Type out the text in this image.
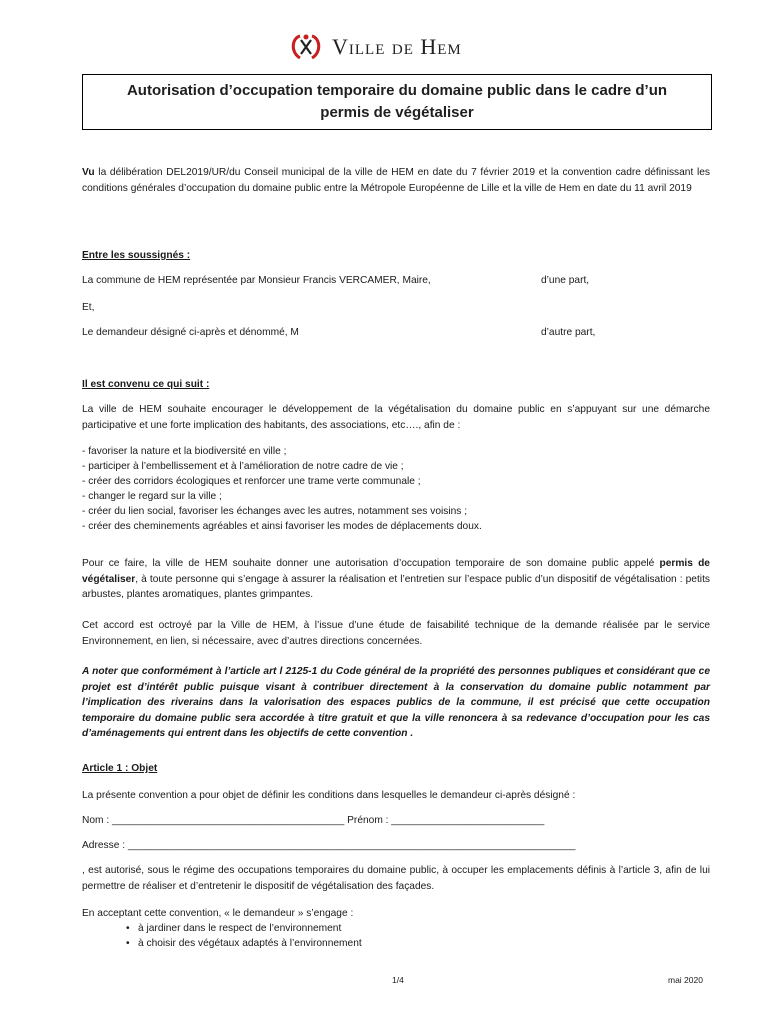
Ville de Hem
Autorisation d’occupation temporaire du domaine public dans le cadre d’un permis de végétaliser
Vu la délibération DEL2019/UR/du Conseil municipal de la ville de HEM en date du 7 février 2019 et la convention cadre définissant les conditions générales d’occupation du domaine public entre la Métropole Européenne de Lille et la ville de Hem en date du 11 avril 2019
Entre les soussignés :
La commune de HEM représentée par Monsieur Francis VERCAMER, Maire,	d’une part,
Et,
Le demandeur désigné ci-après et dénommé, M	d’autre part,
Il est convenu ce qui suit :
La ville de HEM souhaite encourager le développement de la végétalisation du domaine public en s’appuyant sur une démarche participative et une forte implication des habitants, des associations, etc…., afin de :
- favoriser la nature et la biodiversité en ville ;
- participer à l’embellissement et à l’amélioration de notre cadre de vie ;
- créer des corridors écologiques et renforcer une trame verte communale ;
- changer le regard sur la ville ;
- créer du lien social, favoriser les échanges avec les autres, notamment ses voisins ;
- créer des cheminements agréables et ainsi favoriser les modes de déplacements doux.
Pour ce faire, la ville de HEM souhaite donner une autorisation d’occupation temporaire de son domaine public appelé permis de végétaliser, à toute personne qui s’engage à assurer la réalisation et l’entretien sur l’espace public d’un dispositif de végétalisation : petits arbustes, plantes aromatiques, plantes grimpantes.
Cet accord est octroyé par la Ville de HEM, à l’issue d’une étude de faisabilité technique de la demande réalisée par le service Environnement, en lien, si nécessaire, avec d’autres directions concernées.
A noter que conformément à l’article art l 2125-1 du Code général de la propriété des personnes publiques et considérant que ce projet est d’intérêt public puisque visant à contribuer directement à la conservation du domaine public notamment par l’implication des riverains dans la valorisation des espaces publics de la commune, il est précisé que cette occupation temporaire du domaine public sera accordée à titre gratuit et que la ville renoncera à sa redevance d’occupation pour les cas d’aménagements qui entrent dans les objectifs de cette convention .
Article 1 : Objet
La présente convention a pour objet de définir les conditions dans lesquelles le demandeur ci-après désigné :
Nom : _________________________________________ Prénom : ___________________________
Adresse : _______________________________________________________________________________
, est autorisé, sous le régime des occupations temporaires du domaine public, à occuper les emplacements définis à l’article 3, afin de lui permettre de réaliser et d’entretenir le dispositif de végétalisation des façades.
En acceptant cette convention, « le demandeur » s’engage :
• à jardiner dans le respect de l’environnement
• à choisir des végétaux adaptés à l’environnement
1/4	mai 2020
